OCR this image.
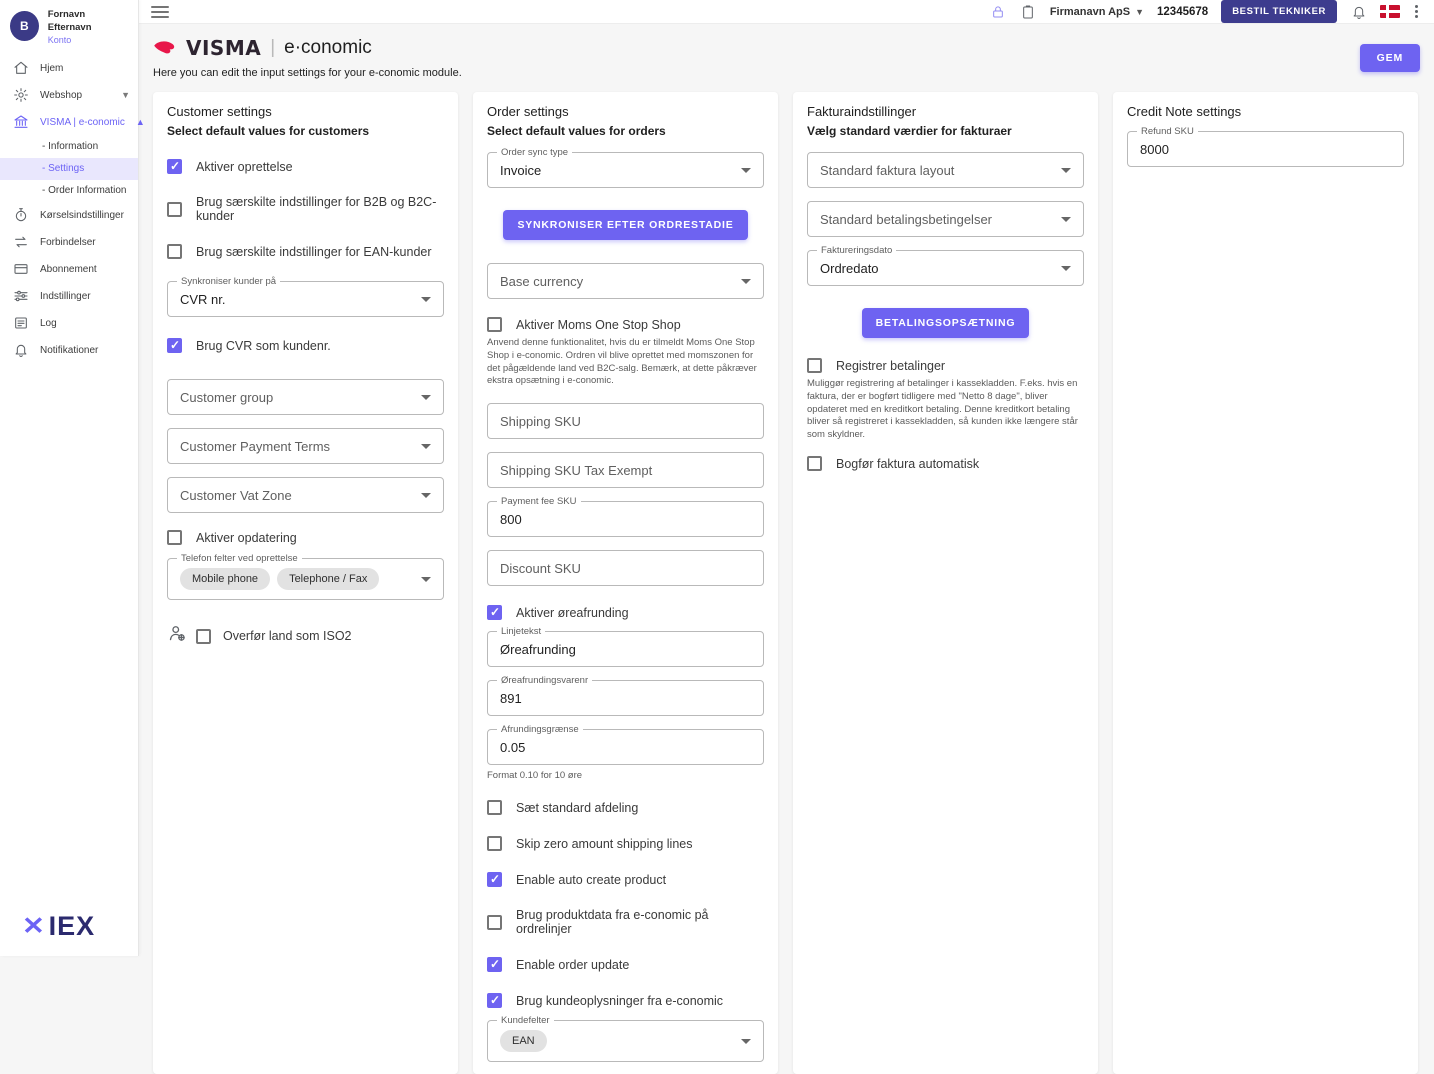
B
Fornavn Efternavn
Konto
Hjem
Webshop	▼
VISMA | e-conomic ▲
- Information
- Settings
- Order Information
Kørselsindstillinger
Forbindelser
Abonnement
Indstillinger
Log
Notifikationer
✕ IEX
Firmanavn ApS ▼ 12345678	BESTIL TEKNIKER
VISMA | e·conomic

Here you can edit the input settings for your e-conomic module.

GEM
Customer settings
Select default values for customers
✓
Aktiver oprettelse
Brug særskilte indstillinger for B2B og B2C-kunder
Brug særskilte indstillinger for EAN-kunder
Synkroniser kunder på
CVR nr.
✓
Brug CVR som kundenr.
Customer group
Customer Payment Terms
Customer Vat Zone
Aktiver opdatering
Telefon felter ved oprettelse
Mobile phone	Telephone / Fax
Overfør land som ISO2
Order settings
Select default values for orders
Order sync type
Invoice
SYNKRONISER EFTER ORDRESTADIE
Base currency
Aktiver Moms One Stop Shop

Anvend denne funktionalitet, hvis du er tilmeldt Moms One Stop Shop i e-conomic. Ordren vil blive oprettet med momszonen for det pågældende land ved B2C-salg. Bemærk, at dette påkræver ekstra opsætning i e-conomic.

Shipping SKU
Shipping SKU Tax Exempt
Payment fee SKU
800
Discount SKU
✓
Aktiver øreafrunding
Linjetekst
Øreafrunding
Øreafrundingsvarenr
891
Afrundingsgrænse
0.05

Format 0.10 for 10 øre

Sæt standard afdeling
Skip zero amount shipping lines
✓
Enable auto create product
Brug produktdata fra e-conomic på ordrelinjer
✓
Enable order update
✓
Brug kundeoplysninger fra e-conomic
Kundefelter
EAN
Fakturaindstillinger
Vælg standard værdier for fakturaer
Standard faktura layout
Standard betalingsbetingelser
Faktureringsdato
Ordredato
BETALINGSOPSÆTNING
Registrer betalinger

Muliggør registrering af betalinger i kassekladden. F.eks. hvis en faktura, der er bogført tidligere med "Netto 8 dage", bliver opdateret med en kreditkort betaling. Denne kreditkort betaling bliver så registreret i kassekladden, så kunden ikke længere står som skyldner.

Bogfør faktura automatisk
Credit Note settings
Refund SKU
8000
